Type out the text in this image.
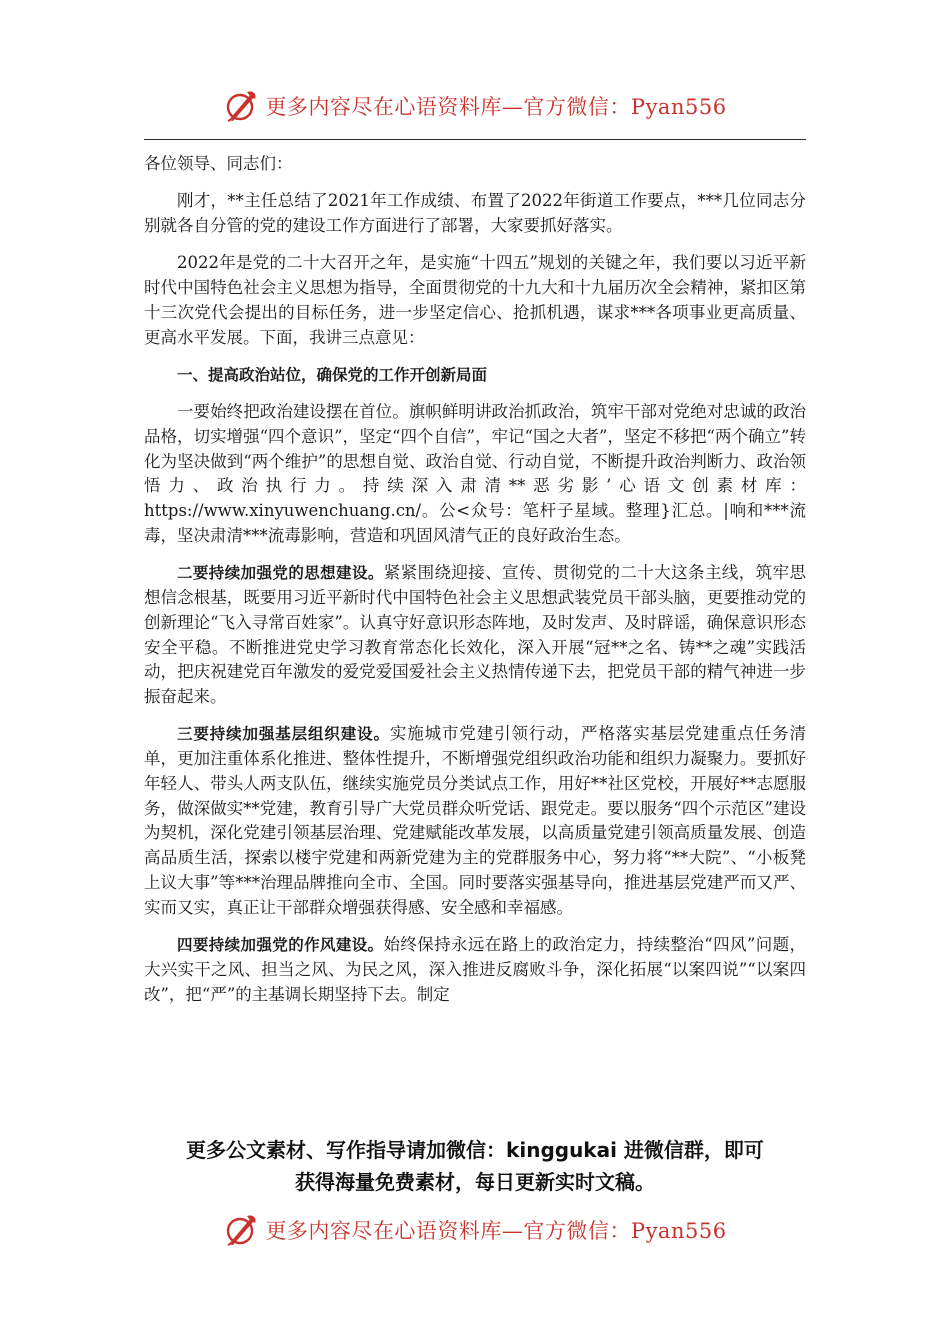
更多内容尽在心语资料库—官方微信：Pyan556

各位领导、同志们：

刚才，**主任总结了2021年工作成绩、布置了2022年街道工作要点，***几位同志分别就各自分管的党的建设工作方面进行了部署，大家要抓好落实。

2022年是党的二十大召开之年，是实施“十四五”规划的关键之年，我们要以习近平新时代中国特色社会主义思想为指导，全面贯彻党的十九大和十九届历次全会精神，紧扣区第十三次党代会提出的目标任务，进一步坚定信心、抢抓机遇，谋求***各项事业更高质量、更高水平发展。下面，我讲三点意见：

一、提高政治站位，确保党的工作开创新局面

一要始终把政治建设摆在首位。旗帜鲜明讲政治抓政治，筑牢干部对党绝对忠诚的政治品格，切实增强“四个意识”，坚定“四个自信”，牢记“国之大者”，坚定不移把“两个确立”转化为坚决做到“两个维护”的思想自觉、政治自觉、行动自觉，不断提升政治判断力、政治领悟力、政治执行力。持续深入肃清**恶劣影’心语文创素材库：https://www.xinyuwenchuang.cn/。公<众号：笔杆子星域。整理}汇总。|响和***流毒，坚决肃清***流毒影响，营造和巩固风清气正的良好政治生态。

二要持续加强党的思想建设。紧紧围绕迎接、宣传、贯彻党的二十大这条主线，筑牢思想信念根基，既要用习近平新时代中国特色社会主义思想武装党员干部头脑，更要推动党的创新理论“飞入寻常百姓家”。认真守好意识形态阵地，及时发声、及时辟谣，确保意识形态安全平稳。不断推进党史学习教育常态化长效化，深入开展“冠**之名、铸**之魂”实践活动，把庆祝建党百年激发的爱党爱国爱社会主义热情传递下去，把党员干部的精气神进一步振奋起来。

三要持续加强基层组织建设。实施城市党建引领行动，严格落实基层党建重点任务清单，更加注重体系化推进、整体性提升，不断增强党组织政治功能和组织力凝聚力。要抓好年轻人、带头人两支队伍，继续实施党员分类试点工作，用好**社区党校，开展好**志愿服务，做深做实**党建，教育引导广大党员群众听党话、跟党走。要以服务“四个示范区”建设为契机，深化党建引领基层治理、党建赋能改革发展，以高质量党建引领高质量发展、创造高品质生活，探索以楼宇党建和两新党建为主的党群服务中心，努力将“**大院”、“小板凳上议大事”等***治理品牌推向全市、全国。同时要落实强基导向，推进基层党建严而又严、实而又实，真正让干部群众增强获得感、安全感和幸福感。

四要持续加强党的作风建设。始终保持永远在路上的政治定力，持续整治“四风”问题，大兴实干之风、担当之风、为民之风，深入推进反腐败斗争，深化拓展“以案四说”“以案四改”，把“严”的主基调长期坚持下去。制定

更多公文素材、写作指导请加微信：kinggukai 进微信群，即可
获得海量免费素材，每日更新实时文稿。
更多内容尽在心语资料库—官方微信：Pyan556
